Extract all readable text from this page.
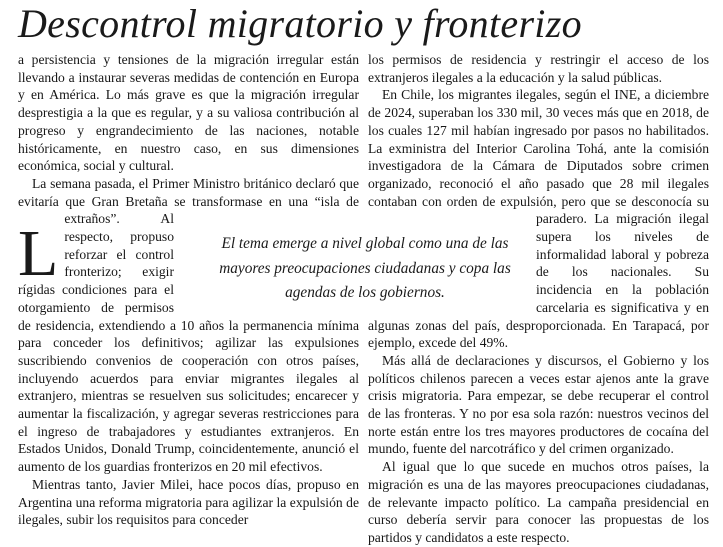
Descontrol migratorio y fronterizo

L
a persistencia y tensiones de la migración irregular están llevando a instaurar severas medidas de contención en Europa y en América. Lo más grave es que la migración irregular desprestigia a la que es regular, y a su valiosa contribución al progreso y engrandecimiento de las naciones, notable históricamente, en nuestro caso, en sus dimensiones económica, social y cultural.

La semana pasada, el Primer Ministro británico declaró que evitaría que Gran Bretaña se transformase en una “isla de extraños”. Al respecto, propuso reforzar el control fronterizo; exigir rígidas condiciones para el otorgamiento de permisos de residencia, extendiendo a 10 años la permanencia mínima para conceder los definitivos; agilizar las expulsiones suscribiendo convenios de cooperación con otros países, incluyendo acuerdos para enviar migrantes ilegales al extranjero, mientras se resuelven sus solicitudes; encarecer y aumentar la fiscalización, y agregar severas restricciones para el ingreso de trabajadores y estudiantes extranjeros. En Estados Unidos, Donald Trump, coincidentemente, anunció el aumento de los guardias fronterizos en 20 mil efectivos.

Mientras tanto, Javier Milei, hace pocos días, propuso en Argentina una reforma migratoria para agilizar la expulsión de ilegales, subir los requisitos para conceder

los permisos de residencia y restringir el acceso de los extranjeros ilegales a la educación y la salud públicas.

En Chile, los migrantes ilegales, según el INE, a diciembre de 2024, superaban los 330 mil, 30 veces más que en 2018, de los cuales 127 mil habían ingresado por pasos no habilitados. La exministra del Interior Carolina Tohá, ante la comisión investigadora de la Cámara de Diputados sobre crimen organizado, reconoció el año pasado que 28 mil ilegales contaban con orden de expulsión, pero que se desconocía su paradero. La migración ilegal supera los niveles de informalidad laboral y pobreza de los nacionales. Su incidencia en la población carcelaria es significativa y en algunas zonas del país, desproporcionada. En Tarapacá, por ejemplo, excede del 49%.

Más allá de declaraciones y discursos, el Gobierno y los políticos chilenos parecen a veces estar ajenos ante la grave crisis migratoria. Para empezar, se debe recuperar el control de las fronteras. Y no por esa sola razón: nuestros vecinos del norte están entre los tres mayores productores de cocaína del mundo, fuente del narcotráfico y del crimen organizado.

Al igual que lo que sucede en muchos otros países, la migración es una de las mayores preocupaciones ciudadanas, de relevante impacto político. La campaña presidencial en curso debería servir para conocer las propuestas de los partidos y candidatos a este respecto.

El tema emerge a nivel global como una de las mayores preocupaciones ciudadanas y copa las agendas de los gobiernos.
